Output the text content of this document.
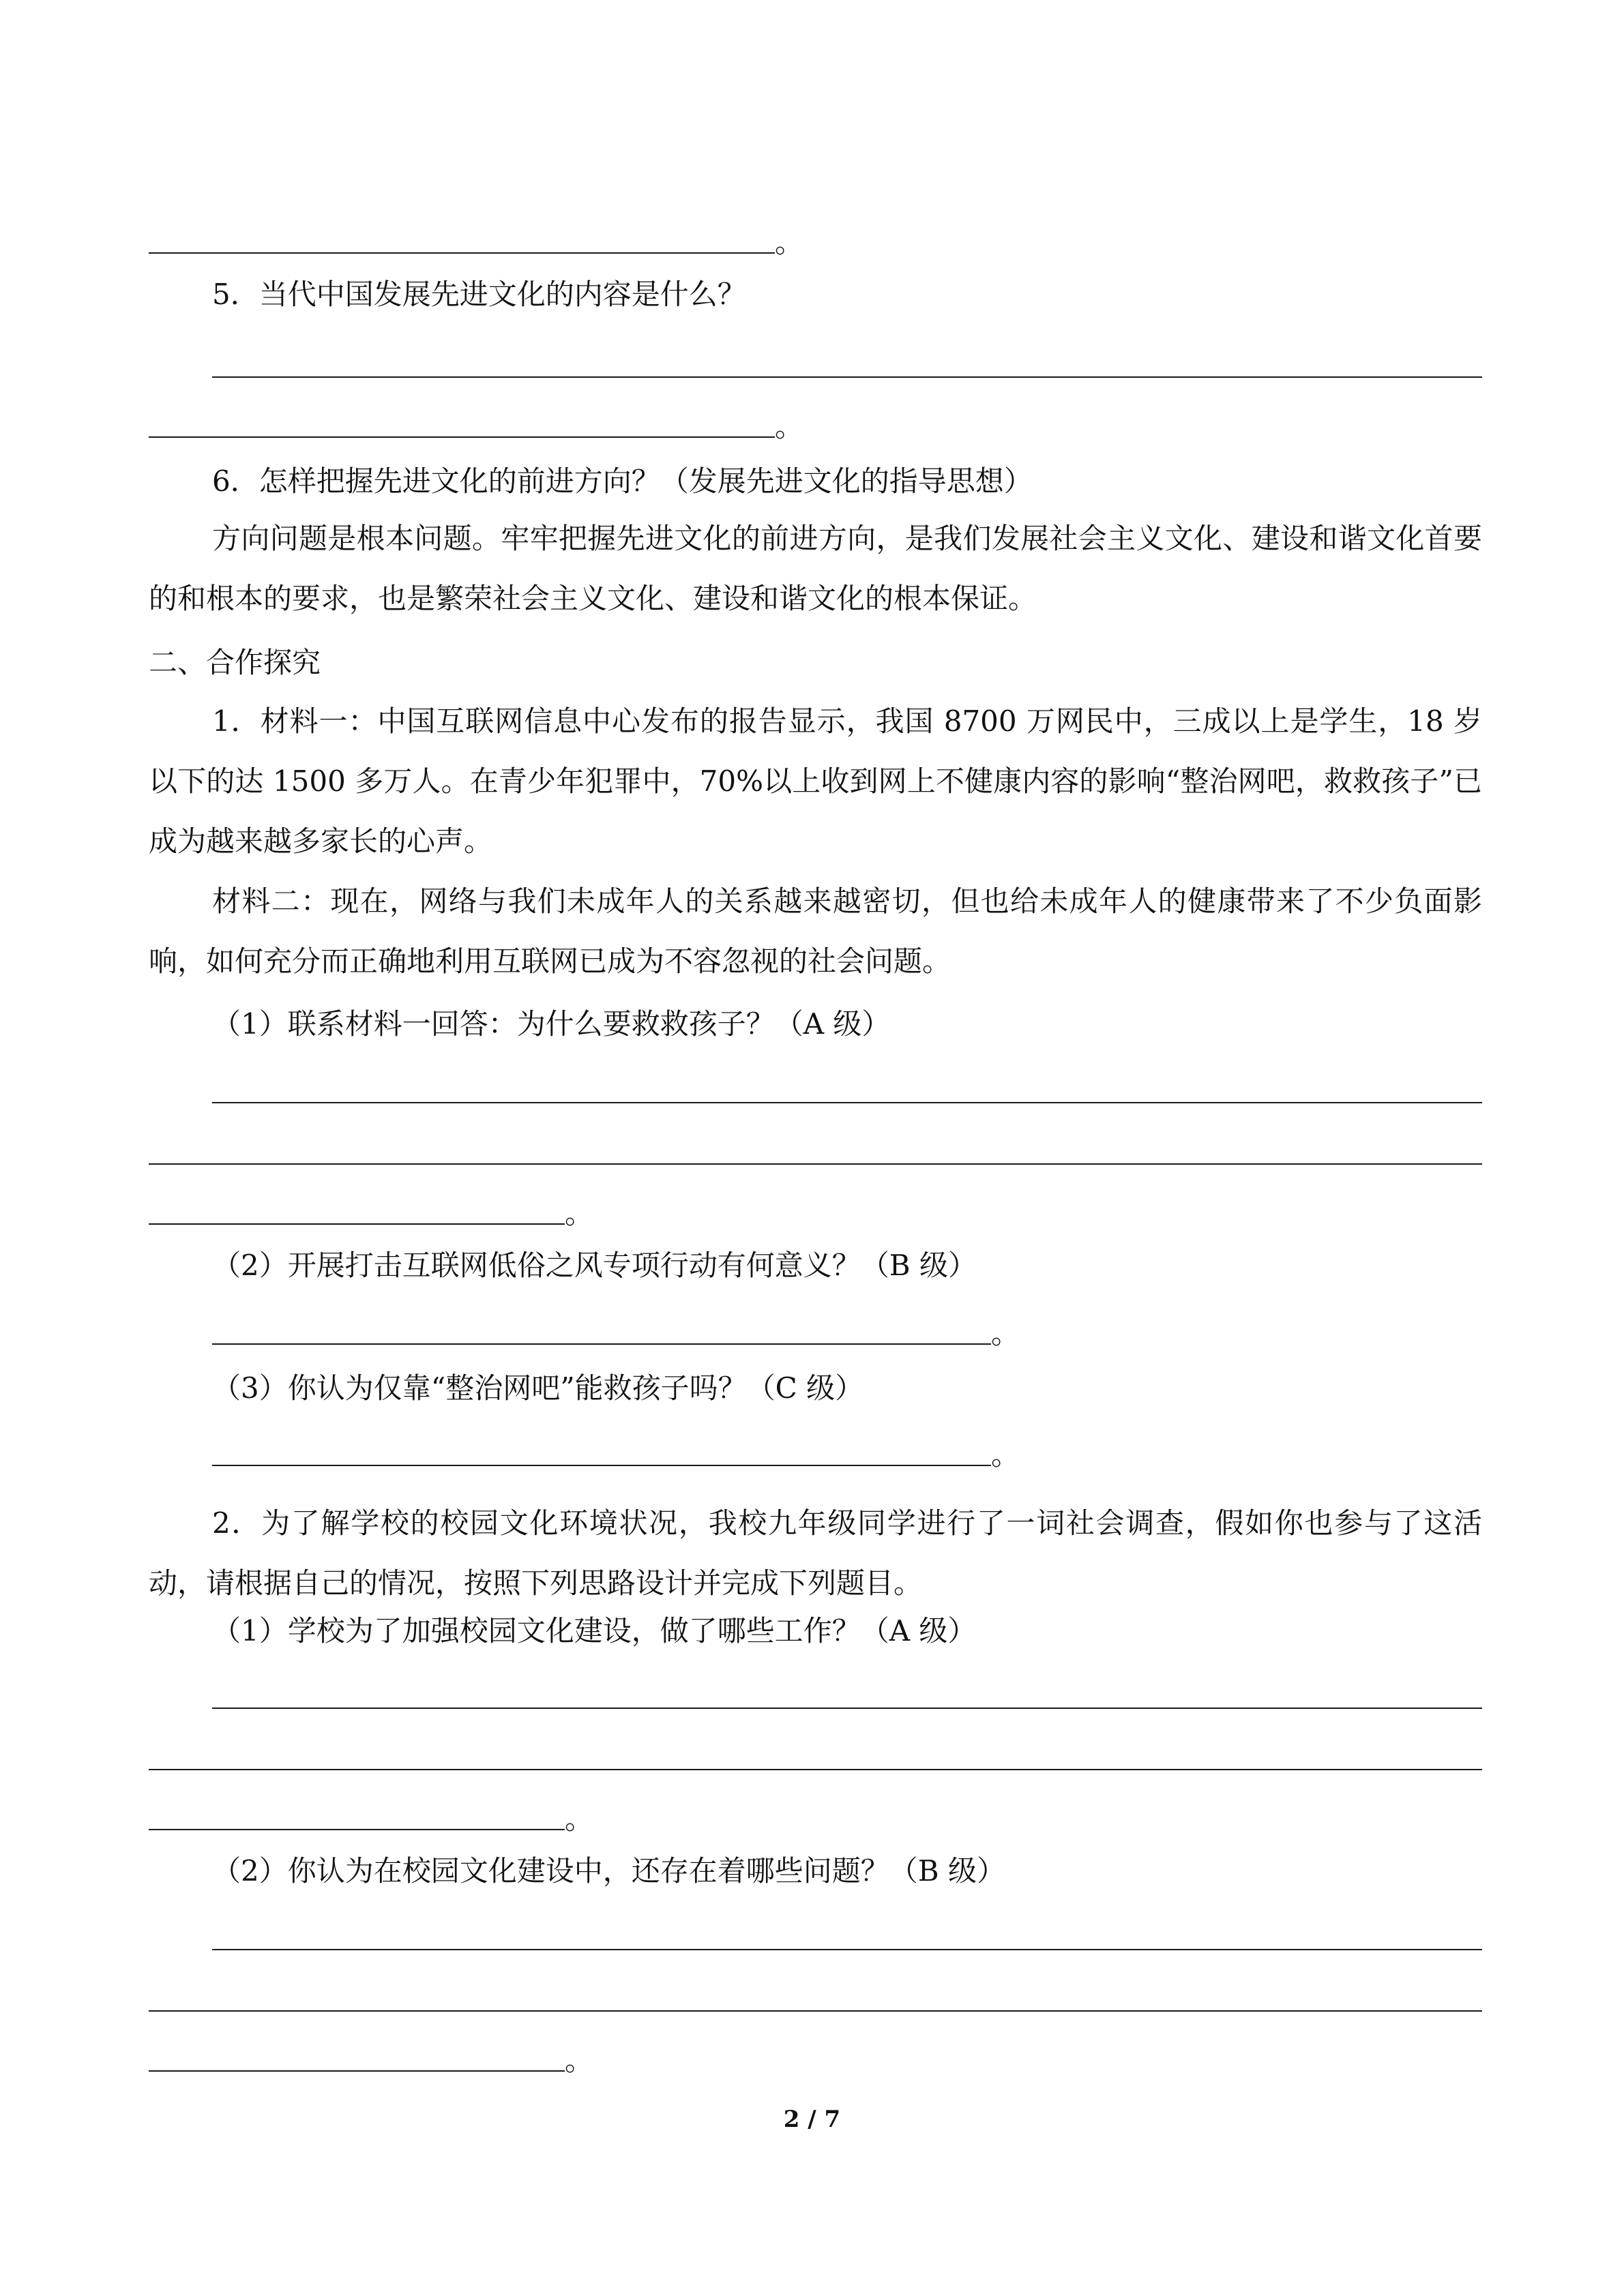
。
5．当代中国发展先进文化的内容是什么？
。
6．怎样把握先进文化的前进方向？（发展先进文化的指导思想）
方向问题是根本问题。牢牢把握先进文化的前进方向，是我们发展社会主义文化、建设和谐文化首要的和根本的要求，也是繁荣社会主义文化、建设和谐文化的根本保证。
二、合作探究
1．材料一：中国互联网信息中心发布的报告显示，我国 8700 万网民中，三成以上是学生，18 岁以下的达 1500 多万人。在青少年犯罪中，70%以上收到网上不健康内容的影响“整治网吧，救救孩子”已成为越来越多家长的心声。
材料二：现在，网络与我们未成年人的关系越来越密切，但也给未成年人的健康带来了不少负面影响，如何充分而正确地利用互联网已成为不容忽视的社会问题。
（1）联系材料一回答：为什么要救救孩子？（A 级）
。
（2）开展打击互联网低俗之风专项行动有何意义？（B 级）
。
（3）你认为仅靠“整治网吧”能救孩子吗？（C 级）
。
2．为了解学校的校园文化环境状况，我校九年级同学进行了一词社会调查，假如你也参与了这活动，请根据自己的情况，按照下列思路设计并完成下列题目。
（1）学校为了加强校园文化建设，做了哪些工作？（A 级）
。
（2）你认为在校园文化建设中，还存在着哪些问题？（B 级）
。
2 / 7
